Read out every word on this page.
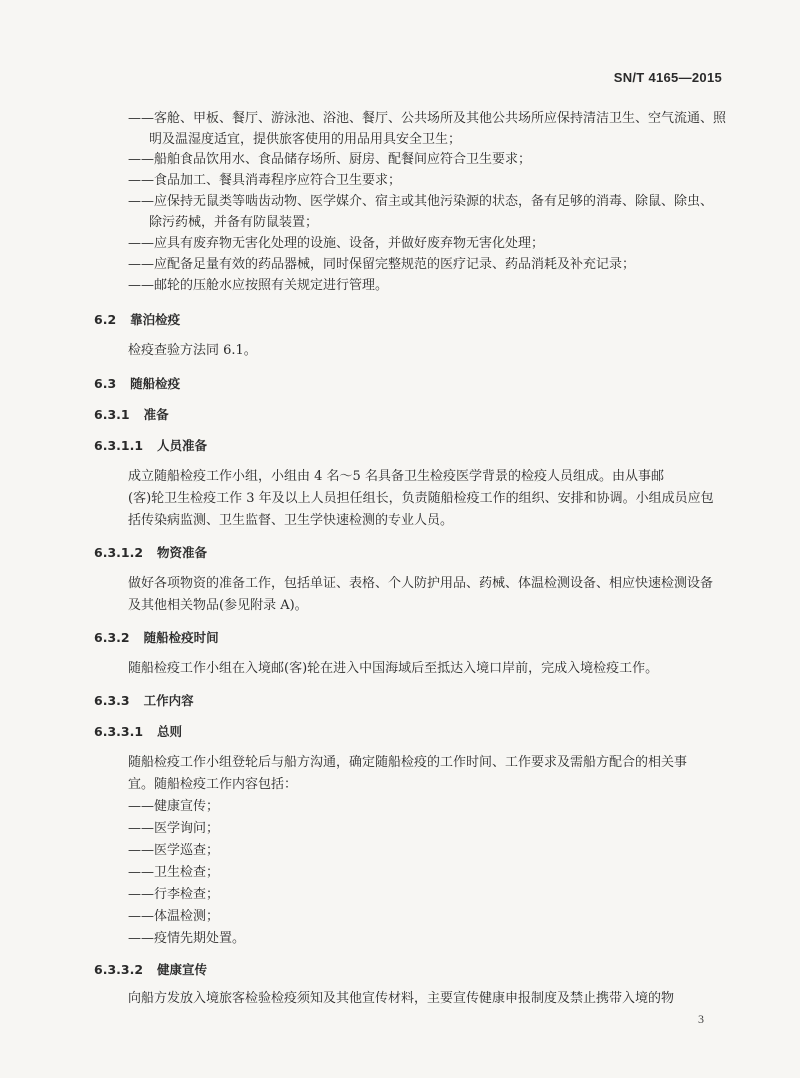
SN/T 4165—2015
——客舱、甲板、餐厅、游泳池、浴池、餐厅、公共场所及其他公共场所应保持清洁卫生、空气流通、照
明及温湿度适宜，提供旅客使用的用品用具安全卫生；
——船舶食品饮用水、食品储存场所、厨房、配餐间应符合卫生要求；
——食品加工、餐具消毒程序应符合卫生要求；
——应保持无鼠类等啮齿动物、医学媒介、宿主或其他污染源的状态，备有足够的消毒、除鼠、除虫、
除污药械，并备有防鼠装置；
——应具有废弃物无害化处理的设施、设备，并做好废弃物无害化处理；
——应配备足量有效的药品器械，同时保留完整规范的医疗记录、药品消耗及补充记录；
——邮轮的压舱水应按照有关规定进行管理。
6.2 靠泊检疫
检疫查验方法同 6.1。
6.3 随船检疫
6.3.1 准备
6.3.1.1 人员准备
成立随船检疫工作小组，小组由 4 名～5 名具备卫生检疫医学背景的检疫人员组成。由从事邮
(客)轮卫生检疫工作 3 年及以上人员担任组长，负责随船检疫工作的组织、安排和协调。小组成员应包
括传染病监测、卫生监督、卫生学快速检测的专业人员。
6.3.1.2 物资准备
做好各项物资的准备工作，包括单证、表格、个人防护用品、药械、体温检测设备、相应快速检测设备
及其他相关物品(参见附录 A)。
6.3.2 随船检疫时间
随船检疫工作小组在入境邮(客)轮在进入中国海域后至抵达入境口岸前，完成入境检疫工作。
6.3.3 工作内容
6.3.3.1 总则
随船检疫工作小组登轮后与船方沟通，确定随船检疫的工作时间、工作要求及需船方配合的相关事
宜。随船检疫工作内容包括：
——健康宣传；
——医学询问；
——医学巡查；
——卫生检查；
——行李检查；
——体温检测；
——疫情先期处置。
6.3.3.2 健康宣传
向船方发放入境旅客检验检疫须知及其他宣传材料，主要宣传健康申报制度及禁止携带入境的物
3
